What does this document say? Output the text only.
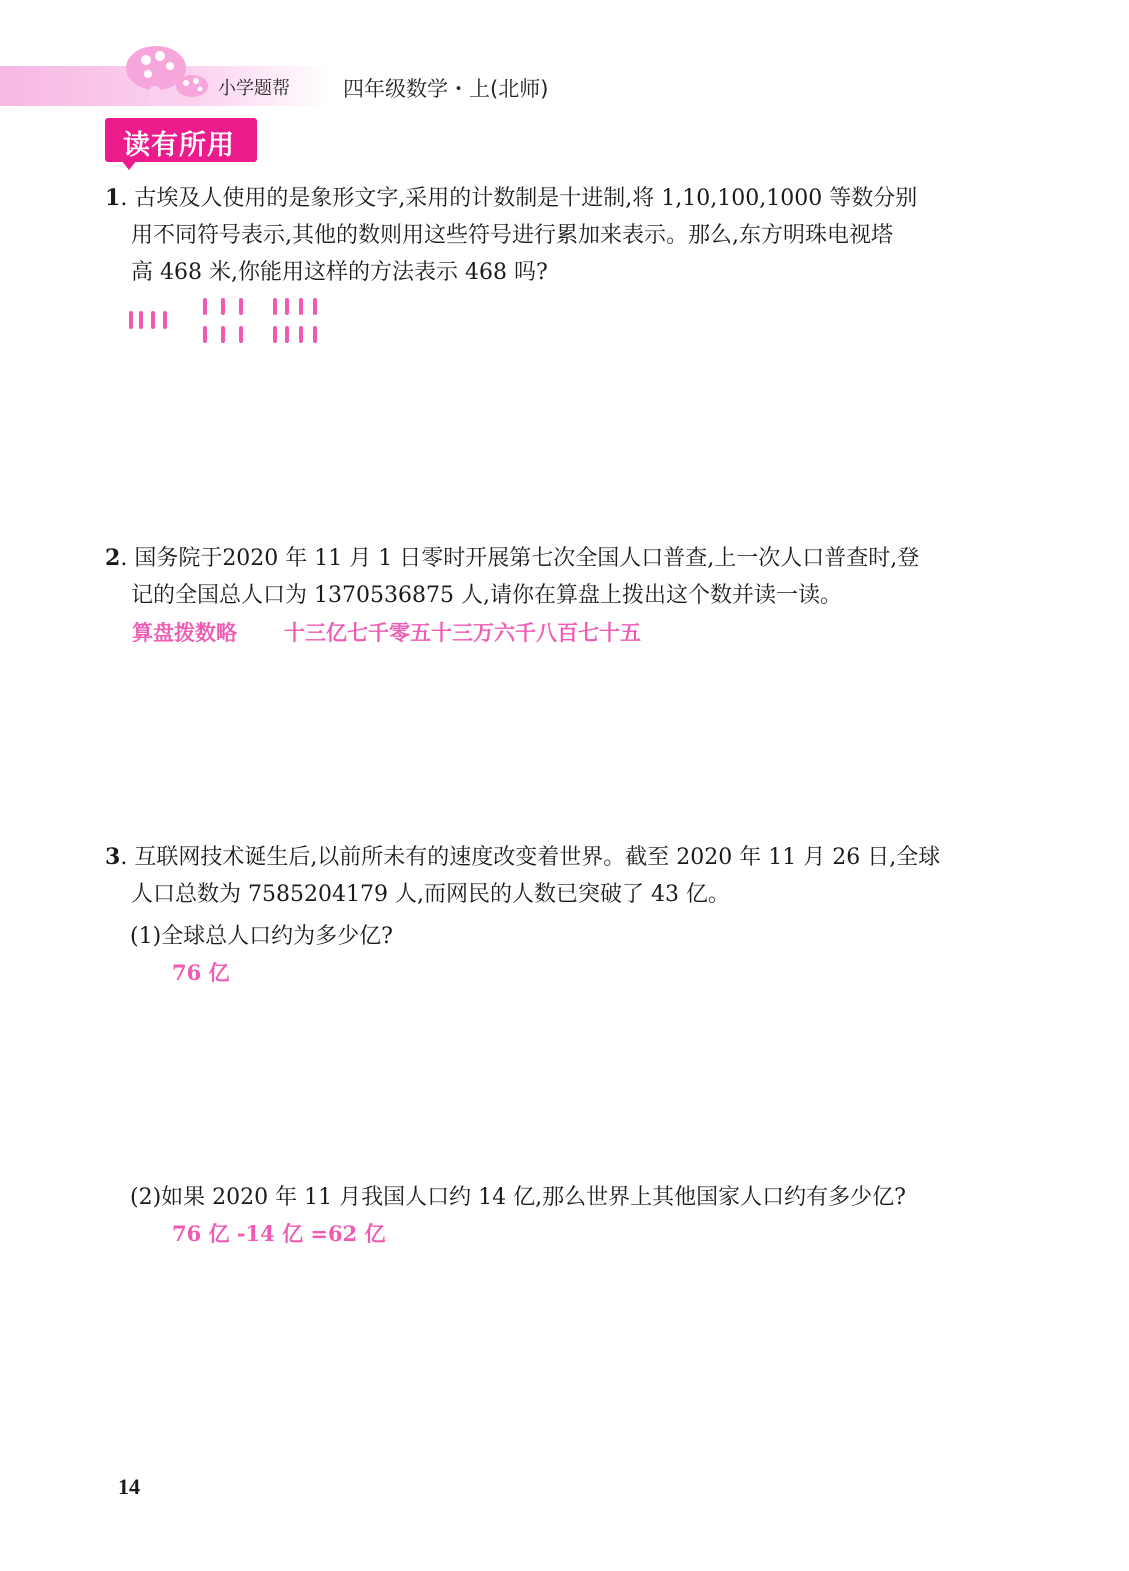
小学题帮	四年级数学・上(北师)
读有所用
1. 古埃及人使用的是象形文字,采用的计数制是十进制,将 1,10,100,1000 等数分别
用不同符号表示,其他的数则用这些符号进行累加来表示。那么,东方明珠电视塔
高 468 米,你能用这样的方法表示 468 吗?
2. 国务院于2020 年 11 月 1 日零时开展第七次全国人口普查,上一次人口普查时,登
记的全国总人口为 1370536875 人,请你在算盘上拨出这个数并读一读。
算盘拨数略 十三亿七千零五十三万六千八百七十五
3. 互联网技术诞生后,以前所未有的速度改变着世界。截至 2020 年 11 月 26 日,全球
人口总数为 7585204179 人,而网民的人数已突破了 43 亿。
(1)全球总人口约为多少亿?
76 亿
(2)如果 2020 年 11 月我国人口约 14 亿,那么世界上其他国家人口约有多少亿?
76 亿 -14 亿 =62 亿
14
